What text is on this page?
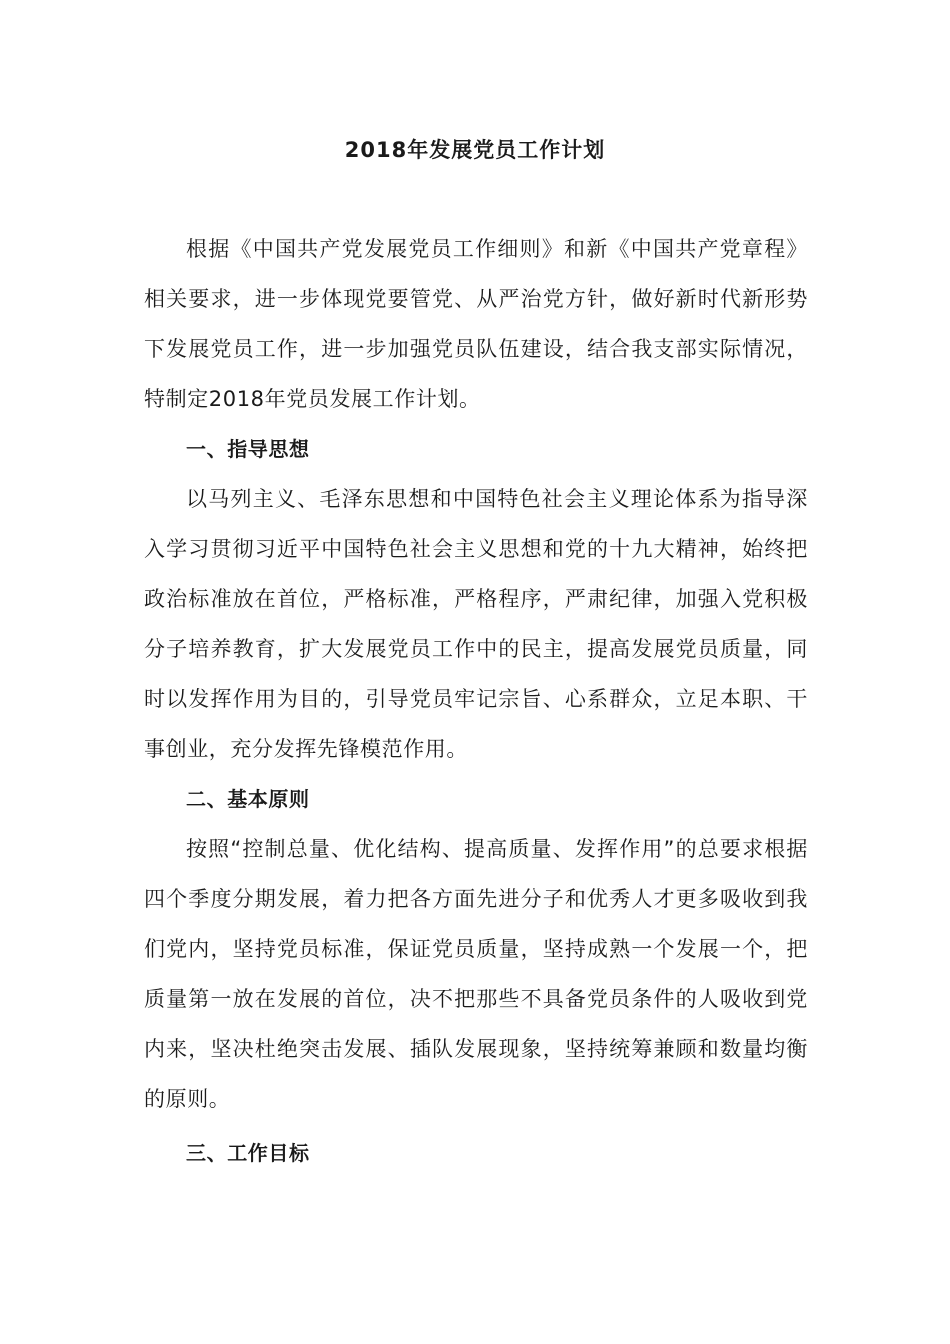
2018年发展党员工作计划

根据《中国共产党发展党员工作细则》和新《中国共产党章程》相关要求，进一步体现党要管党、从严治党方针，做好新时代新形势下发展党员工作，进一步加强党员队伍建设，结合我支部实际情况，特制定2018年党员发展工作计划。

一、指导思想

以马列主义、毛泽东思想和中国特色社会主义理论体系为指导深入学习贯彻习近平中国特色社会主义思想和党的十九大精神，始终把政治标准放在首位，严格标准，严格程序，严肃纪律，加强入党积极分子培养教育，扩大发展党员工作中的民主，提高发展党员质量，同时以发挥作用为目的，引导党员牢记宗旨、心系群众，立足本职、干事创业，充分发挥先锋模范作用。

二、基本原则

按照“控制总量、优化结构、提高质量、发挥作用”的总要求根据四个季度分期发展，着力把各方面先进分子和优秀人才更多吸收到我们党内，坚持党员标准，保证党员质量，坚持成熟一个发展一个，把质量第一放在发展的首位，决不把那些不具备党员条件的人吸收到党内来，坚决杜绝突击发展、插队发展现象，坚持统筹兼顾和数量均衡的原则。

三、工作目标
